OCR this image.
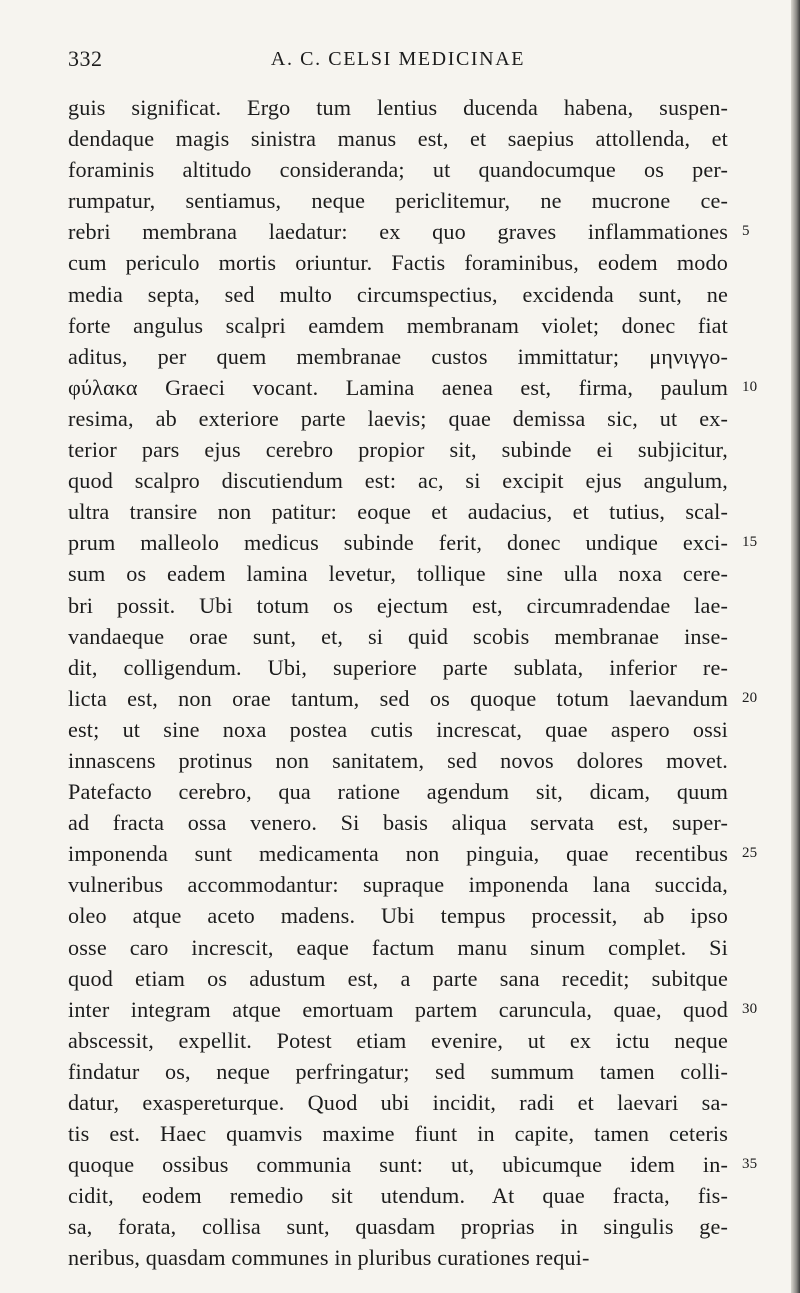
332	A. C. CELSI MEDICINAE
guis significat. Ergo tum lentius ducenda habena, suspen-
dendaque magis sinistra manus est, et saepius attollenda, et
foraminis altitudo consideranda; ut quandocumque os per-
rumpatur, sentiamus, neque periclitemur, ne mucrone ce-
rebri membrana laedatur: ex quo graves inflammationes 5
cum periculo mortis oriuntur. Factis foraminibus, eodem modo
media septa, sed multo circumspectius, excidenda sunt, ne
forte angulus scalpri eamdem membranam violet; donec fiat
aditus, per quem membranae custos immittatur; μηνιγγο-
φύλακα Graeci vocant. Lamina aenea est, firma, paulum 10
resima, ab exteriore parte laevis; quae demissa sic, ut ex-
terior pars ejus cerebro propior sit, subinde ei subjicitur,
quod scalpro discutiendum est: ac, si excipit ejus angulum,
ultra transire non patitur: eoque et audacius, et tutius, scal-
prum malleolo medicus subinde ferit, donec undique exci- 15
sum os eadem lamina levetur, tollique sine ulla noxa cere-
bri possit. Ubi totum os ejectum est, circumradendae lae-
vandaeque orae sunt, et, si quid scobis membranae inse-
dit, colligendum. Ubi, superiore parte sublata, inferior re-
licta est, non orae tantum, sed os quoque totum laevandum 20
est; ut sine noxa postea cutis increscat, quae aspero ossi
innascens protinus non sanitatem, sed novos dolores movet.
Patefacto cerebro, qua ratione agendum sit, dicam, quum
ad fracta ossa venero. Si basis aliqua servata est, super-
imponenda sunt medicamenta non pinguia, quae recentibus 25
vulneribus accommodantur: supraque imponenda lana succida,
oleo atque aceto madens. Ubi tempus processit, ab ipso
osse caro increscit, eaque factum manu sinum complet. Si
quod etiam os adustum est, a parte sana recedit; subitque
inter integram atque emortuam partem caruncula, quae, quod 30
abscessit, expellit. Potest etiam evenire, ut ex ictu neque
findatur os, neque perfringatur; sed summum tamen colli-
datur, exaspereturque. Quod ubi incidit, radi et laevari sa-
tis est. Haec quamvis maxime fiunt in capite, tamen ceteris
quoque ossibus communia sunt: ut, ubicumque idem in- 35
cidit, eodem remedio sit utendum. At quae fracta, fis-
sa, forata, collisa sunt, quasdam proprias in singulis ge-
neribus, quasdam communes in pluribus curationes requi-
